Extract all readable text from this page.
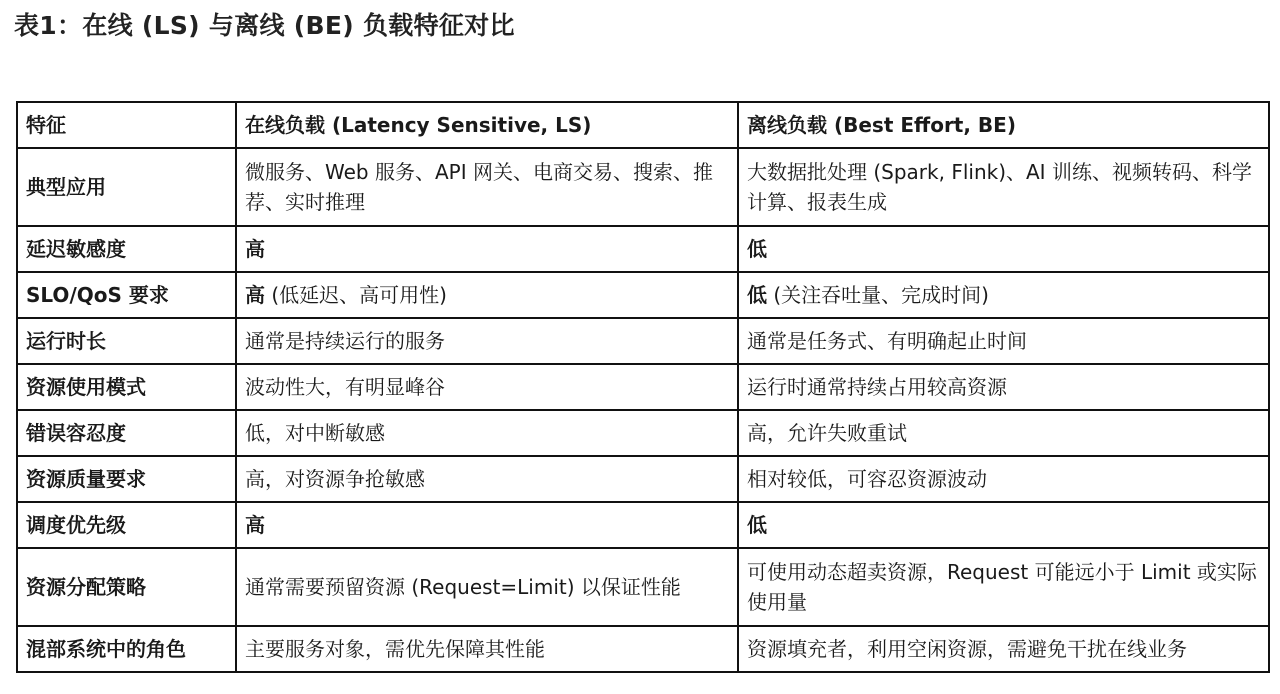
表1：在线 (LS) 与离线 (BE) 负载特征对比
特征	在线负载 (Latency Sensitive, LS)	离线负载 (Best Effort, BE)
典型应用	微服务、Web 服务、API 网关、电商交易、搜索、推荐、实时推理	大数据批处理 (Spark, Flink)、AI 训练、视频转码、科学计算、报表生成
延迟敏感度	高	低
SLO/QoS 要求	高 (低延迟、高可用性)	低 (关注吞吐量、完成时间)
运行时长	通常是持续运行的服务	通常是任务式、有明确起止时间
资源使用模式	波动性大，有明显峰谷	运行时通常持续占用较高资源
错误容忍度	低，对中断敏感	高，允许失败重试
资源质量要求	高，对资源争抢敏感	相对较低，可容忍资源波动
调度优先级	高	低
资源分配策略	通常需要预留资源 (Request=Limit) 以保证性能	可使用动态超卖资源，Request 可能远小于 Limit 或实际使用量
混部系统中的角色	主要服务对象，需优先保障其性能	资源填充者，利用空闲资源，需避免干扰在线业务
